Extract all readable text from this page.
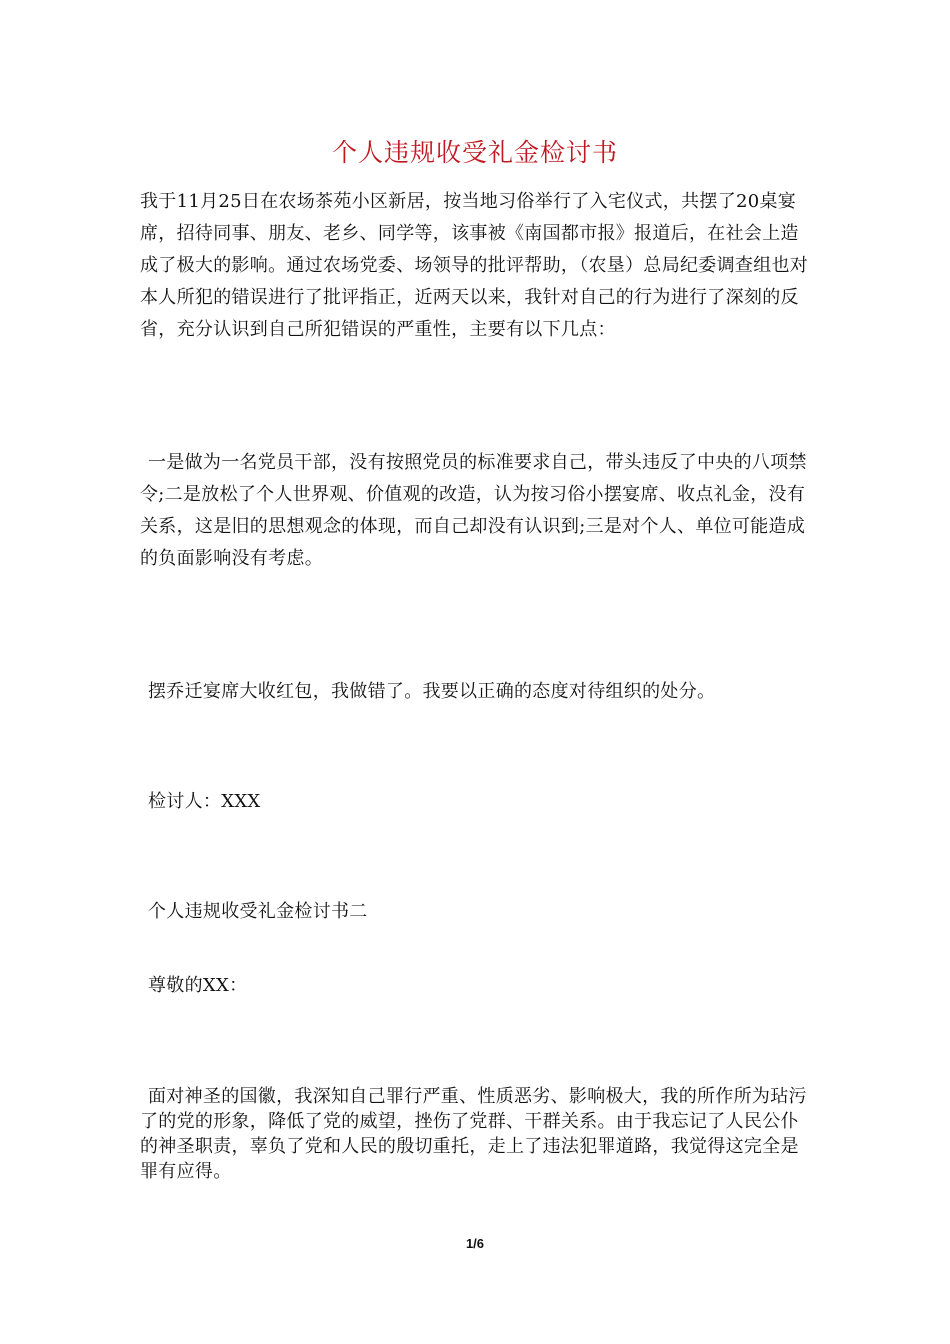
个人违规收受礼金检讨书

我于11月25日在农场茶苑小区新居，按当地习俗举行了入宅仪式，共摆了20桌宴席，招待同事、朋友、老乡、同学等，该事被《南国都市报》报道后，在社会上造成了极大的影响。通过农场党委、场领导的批评帮助，（农垦）总局纪委调查组也对本人所犯的错误进行了批评指正，近两天以来，我针对自己的行为进行了深刻的反省，充分认识到自己所犯错误的严重性，主要有以下几点：

一是做为一名党员干部，没有按照党员的标准要求自己，带头违反了中央的八项禁令;二是放松了个人世界观、价值观的改造，认为按习俗小摆宴席、收点礼金，没有关系，这是旧的思想观念的体现，而自己却没有认识到;三是对个人、单位可能造成的负面影响没有考虑。

摆乔迁宴席大收红包，我做错了。我要以正确的态度对待组织的处分。

检讨人：XXX

个人违规收受礼金检讨书二

尊敬的XX：

面对神圣的国徽，我深知自己罪行严重、性质恶劣、影响极大，我的所作所为玷污了的党的形象，降低了党的威望，挫伤了党群、干群关系。由于我忘记了人民公仆的神圣职责，辜负了党和人民的殷切重托，走上了违法犯罪道路，我觉得这完全是罪有应得。

1/6
